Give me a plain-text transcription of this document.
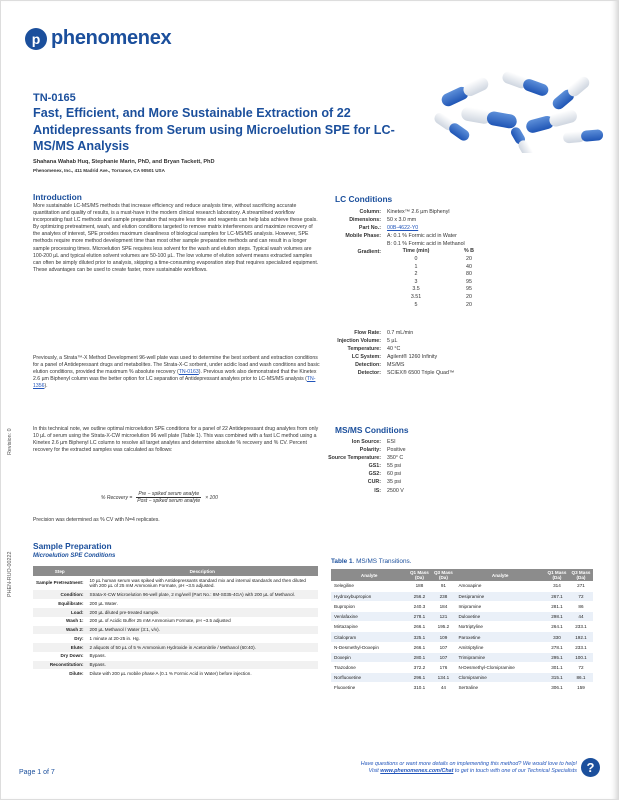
p phenomenex
TN-0165
Fast, Efficient, and More Sustainable Extraction of 22 Antidepressants from Serum using Microelution SPE for LC-MS/MS Analysis
Shahana Wahab Huq, Stephanie Marin, PhD, and Bryan Tackett, PhD
Phenomenex, Inc., 411 Madrid Ave., Torrance, CA 90501 USA
Revision: 0
PHEN-RUO-00222
Introduction
More sustainable LC-MS/MS methods that increase efficiency and reduce analysis time, without sacrificing accurate quantitation and quality of results, is a must-have in the modern clinical research laboratory. A streamlined workflow incorporating fast LC methods and sample preparation that require less time and reagents can help labs achieve these goals. By optimizing pretreatment, wash, and elution conditions targeted to remove matrix interferences and maximize recovery of the analytes of interest, SPE provides maximum cleanliness of biological samples for LC-MS/MS analysis. However, SPE methods require more method development time than most other sample preparation methods and can result in a longer sample processing times. Microelution SPE requires less solvent for the wash and elution steps. Typical wash volumes are 100-200 µL and typical elution solvent volumes are 50-100 µL. The low volume of elution solvent means extracted samples can often be simply diluted prior to analysis, skipping a time-consuming evaporation step that requires specialized equipment. These advantages can be used to create faster, more sustainable workflows.
Previously, a Strata™-X Method Development 96-well plate was used to determine the best sorbent and extraction conditions for a panel of Antidepressant drugs and metabolites. The Strata-X-C sorbent, under acidic load and wash conditions and basic elution conditions, provided the maximum % absolute recovery (TN-0163). Previous work also demonstrated that the Kinetex 2.6 µm Biphenyl column was the better option for LC separation of Antidepressant analytes prior to LC-MS/MS analysis (TN-1356).
In this technical note, we outline optimal microelution SPE conditions for a panel of 22 Antidepressant drug analytes from only 10 µL of serum using the Strata-X-CW microelution 96 well plate (Table 1). This was combined with a fast LC method using a Kinetex 2.6 µm Biphenyl LC column to resolve all target analytes and determine absolute % recovery and % CV. Percent recovery for the extracted samples was calculated as follows:
% Recovery =
Pre − spiked serum analyte
Post − spiked serum analyte
× 100
Precision was determined as % CV with N=4 replicates.
Sample Preparation
Microelution SPE Conditions
Step	Description
Sample Pretreatment:	10 µL human serum was spiked with Antidepressants standard mix and internal standards and then diluted with 200 µL of 25 mM Ammonium Formate, pH ~3.5 adjusted.
Condition:	Strata-X-CW Microelution 96-well plate, 2 mg/well (Part No.: 8M-S035-4GA) with 200 µL of Methanol.
Equilibrate:	200 µL Water.
Load:	200 µL diluted pre-treated sample.
Wash 1:	200 µL of Acidic Buffer 25 mM Ammonium Formate, pH ~3.5 adjusted
Wash 2:	200 µL Methanol / Water (3:1, v/v).
Dry:	1 minute at 20-25 in. Hg.
Elute:	2 aliquots of 50 µL of 5 % Ammonium Hydroxide in Acetonitrile / Methanol (60:40).
Dry Down:	Bypass.
Reconstitution:	Bypass.
Dilute:	Dilute with 200 µL mobile phase A (0.1 % Formic Acid in Water) before injection.
LC Conditions
Column:	Kinetex™ 2.6 µm Biphenyl
Dimensions:	50 x 3.0 mm
Part No.:	00B-4622-Y0
Mobile Phase:	A: 0.1 % Formic acid in Water
B: 0.1 % Formic acid in Methanol
Gradient:	Time (min)	% B
0	20
1	40
2	80
3	95
3.5	95
3.51	20
5	20
Flow Rate:	0.7 mL/min
Injection Volume:	5 µL
Temperature:	40 °C
LC System:	Agilent® 1260 Infinity
Detection:	MS/MS
Detector:	SCIEX® 6500 Triple Quad™
MS/MS Conditions
Ion Source:	ESI
Polarity:	Positive
Source Temperature:	350° C
GS1:	55 psi
GS2:	60 psi
CUR:	35 psi
IS:	2500 V
Table 1. MS/MS Transitions.
Analyte	Q1 Mass (Da)	Q3 Mass (Da)	Analyte	Q1 Mass (Da)	Q3 Mass (Da)
Selegiline	188	91	Amoxapine	314	271
Hydroxybupropion	256.2	238	Desipramine	267.1	72
Bupropion	240.3	184	Imipramine	281.1	86
Venlafaxine	278.1	121	Duloxetine	298.1	44
Mirtazapine	266.1	195.2	Nortriptyline	264.1	233.1
Citalopram	325.1	109	Paroxetine	330	192.1
N-Desmethyl-Doxepin	266.1	107	Amitriptyline	278.1	233.1
Doxepin	280.1	107	Trimipramine	295.1	100.1
Trazodone	372.2	176	N-Desmethyl-Clomipramine	301.1	72
Norfluoxetine	296.1	134.1	Clomipramine	315.1	86.1
Fluoxetine	310.1	44	Sertraline	306.1	159
Page 1 of 7
Have questions or want more details on implementing this method? We would love to help!
Visit www.phenomenex.com/Chat to get in touch with one of our Technical Specialists ?
